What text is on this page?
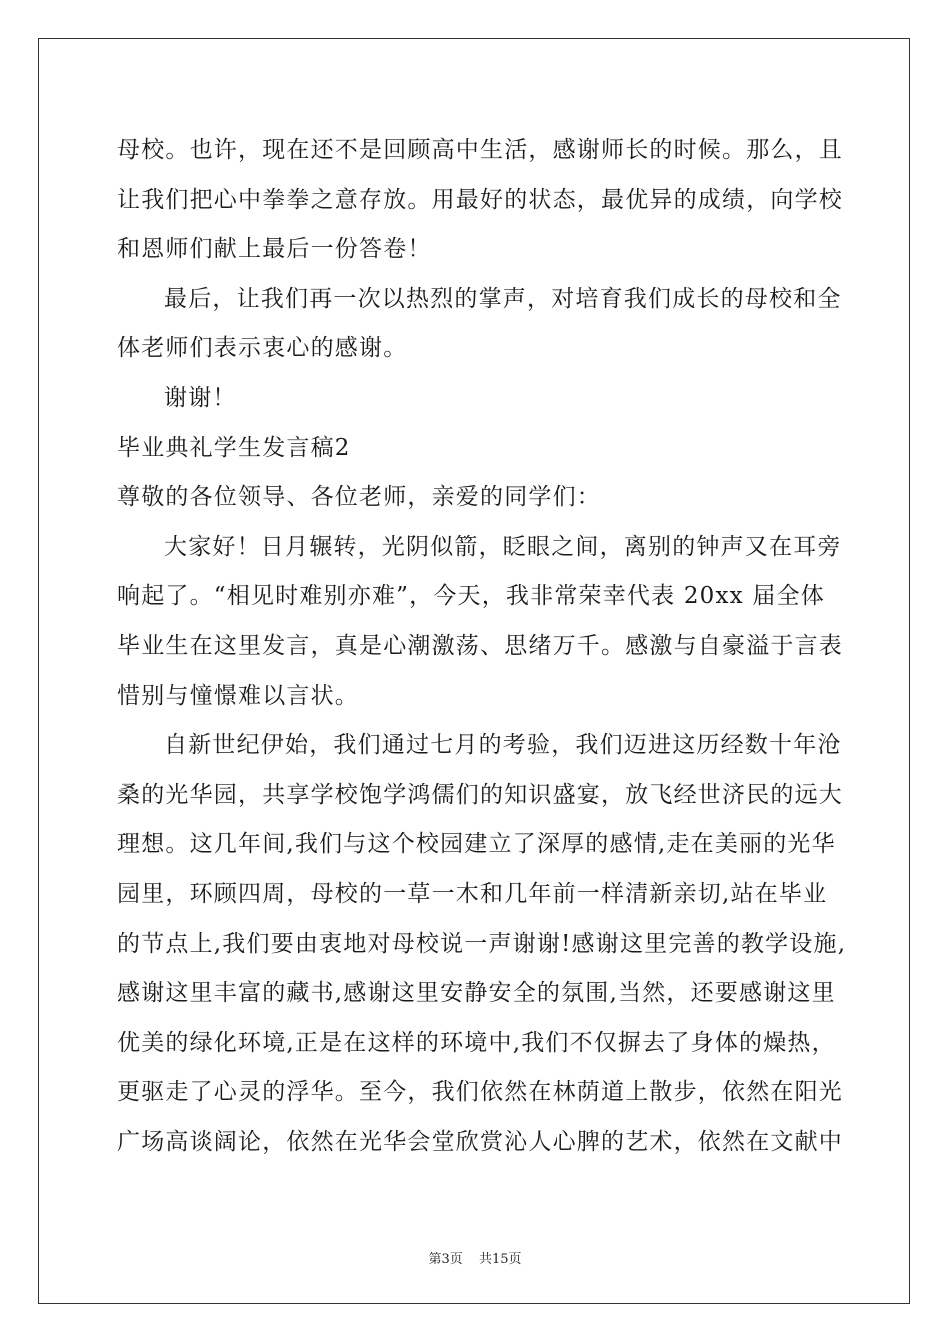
母校。也许，现在还不是回顾高中生活，感谢师长的时候。那么，且
让我们把心中拳拳之意存放。用最好的状态，最优异的成绩，向学校
和恩师们献上最后一份答卷！
最后，让我们再一次以热烈的掌声，对培育我们成长的母校和全
体老师们表示衷心的感谢。
谢谢！
毕业典礼学生发言稿2
尊敬的各位领导、各位老师，亲爱的同学们：
大家好！日月辗转，光阴似箭，眨眼之间，离别的钟声又在耳旁
响起了。“相见时难别亦难”，今天，我非常荣幸代表 20xx 届全体
毕业生在这里发言，真是心潮激荡、思绪万千。感激与自豪溢于言表
惜别与憧憬难以言状。
自新世纪伊始，我们通过七月的考验，我们迈进这历经数十年沧
桑的光华园，共享学校饱学鸿儒们的知识盛宴，放飞经世济民的远大
理想。这几年间,我们与这个校园建立了深厚的感情,走在美丽的光华
园里，环顾四周，母校的一草一木和几年前一样清新亲切,站在毕业
的节点上,我们要由衷地对母校说一声谢谢!感谢这里完善的教学设施,
感谢这里丰富的藏书,感谢这里安静安全的氛围,当然，还要感谢这里
优美的绿化环境,正是在这样的环境中,我们不仅摒去了身体的燥热，
更驱走了心灵的浮华。至今，我们依然在林荫道上散步，依然在阳光
广场高谈阔论，依然在光华会堂欣赏沁人心脾的艺术，依然在文献中
第3页 共15页
